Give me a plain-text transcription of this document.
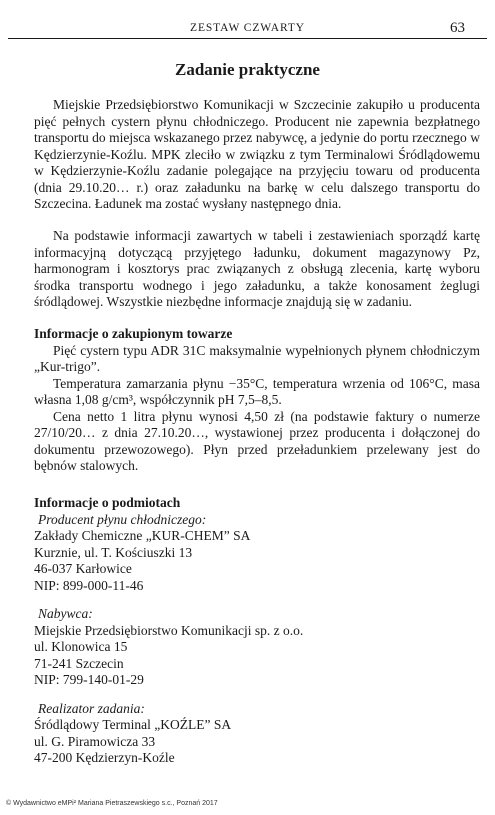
ZESTAW CZWARTY	63
Zadanie praktyczne
Miejskie Przedsiębiorstwo Komunikacji w Szczecinie zakupiło u producenta pięć pełnych cystern płynu chłodniczego. Producent nie zapewnia bezpłatnego transportu do miejsca wskazanego przez nabywcę, a jedynie do portu rzecznego w Kędzierzynie-Koźlu. MPK zleciło w związku z tym Terminalowi Śródlądowemu w Kędzierzynie-Koźlu zadanie polegające na przyjęciu towaru od producenta (dnia 29.10.20… r.) oraz załadunku na barkę w celu dalszego transportu do Szczecina. Ładunek ma zostać wysłany następnego dnia.
Na podstawie informacji zawartych w tabeli i zestawieniach sporządź kartę informacyjną dotyczącą przyjętego ładunku, dokument magazynowy Pz, harmonogram i kosztorys prac związanych z obsługą zlecenia, kartę wyboru środka transportu wodnego i jego załadunku, a także konosament żeglugi śródlądowej. Wszystkie niezbędne informacje znajdują się w zadaniu.
Informacje o zakupionym towarze

Pięć cystern typu ADR 31C maksymalnie wypełnionych płynem chłodniczym „Kur-trigo”.

Temperatura zamarzania płynu −35°C, temperatura wrzenia od 106°C, masa własna 1,08 g/cm³, współczynnik pH 7,5–8,5.

Cena netto 1 litra płynu wynosi 4,50 zł (na podstawie faktury o numerze 27/10/20… z dnia 27.10.20…, wystawionej przez producenta i dołączonej do dokumentu przewozowego). Płyn przed przeładunkiem przelewany jest do bębnów stalowych.

Informacje o podmiotach
Producent płynu chłodniczego:
Zakłady Chemiczne „KUR-CHEM” SA
Kurznie, ul. T. Kościuszki 13
46-037 Karłowice
NIP: 899-000-11-46
Nabywca:
Miejskie Przedsiębiorstwo Komunikacji sp. z o.o.
ul. Klonowica 15
71-241 Szczecin
NIP: 799-140-01-29
Realizator zadania:
Śródlądowy Terminal „KOŹLE” SA
ul. G. Piramowicza 33
47-200 Kędzierzyn-Koźle
© Wydawnictwo eMPi² Mariana Pietraszewskiego s.c., Poznań 2017
